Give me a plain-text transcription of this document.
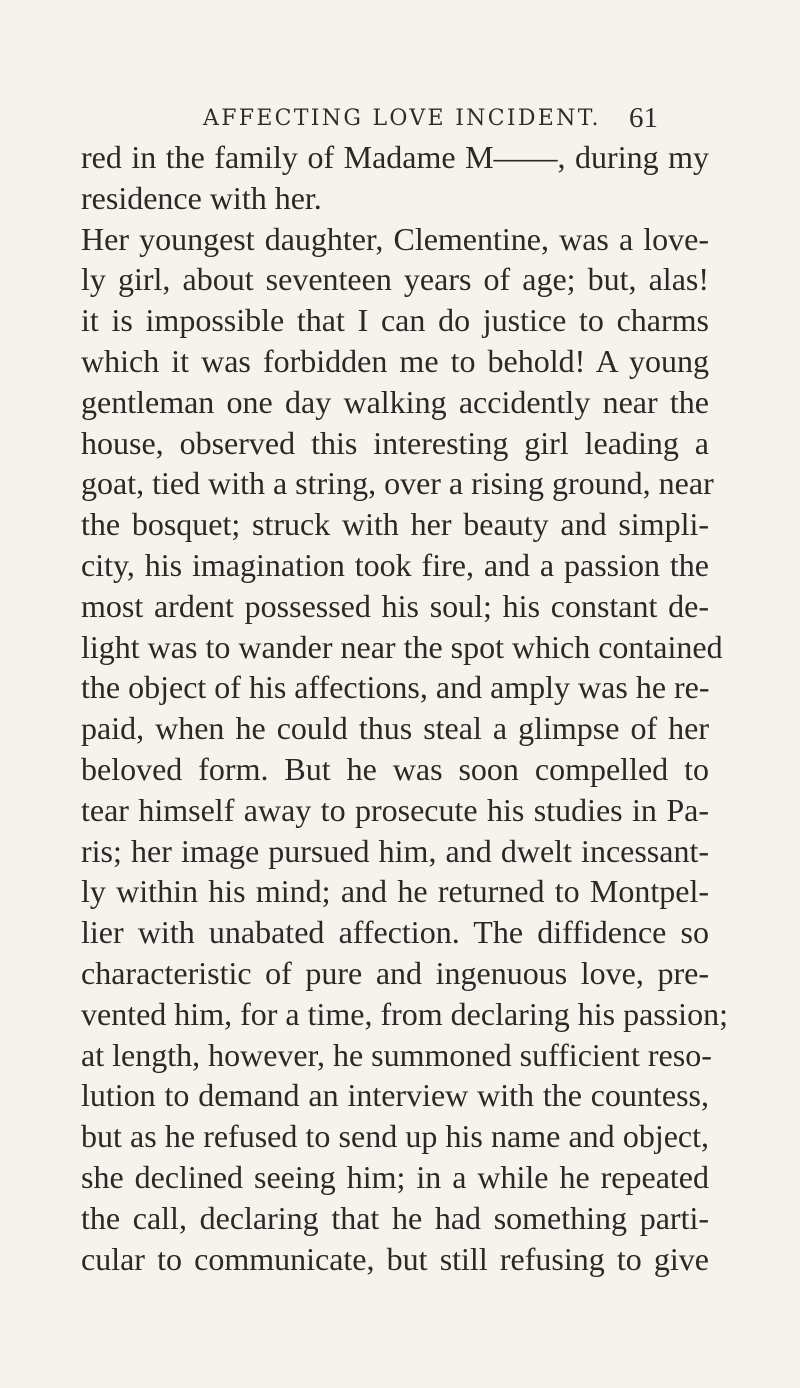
AFFECTING LOVE INCIDENT. 61
red in the family of Madame M——, during my
residence with her.
Her youngest daughter, Clementine, was a love-
ly girl, about seventeen years of age; but, alas!
it is impossible that I can do justice to charms
which it was forbidden me to behold! A young
gentleman one day walking accidently near the
house, observed this interesting girl leading a
goat, tied with a string, over a rising ground, near
the bosquet; struck with her beauty and simpli-
city, his imagination took fire, and a passion the
most ardent possessed his soul; his constant de-
light was to wander near the spot which contained
the object of his affections, and amply was he re-
paid, when he could thus steal a glimpse of her
beloved form. But he was soon compelled to
tear himself away to prosecute his studies in Pa-
ris; her image pursued him, and dwelt incessant-
ly within his mind; and he returned to Montpel-
lier with unabated affection. The diffidence so
characteristic of pure and ingenuous love, pre-
vented him, for a time, from declaring his passion;
at length, however, he summoned sufficient reso-
lution to demand an interview with the countess,
but as he refused to send up his name and object,
she declined seeing him; in a while he repeated
the call, declaring that he had something parti-
cular to communicate, but still refusing to give
